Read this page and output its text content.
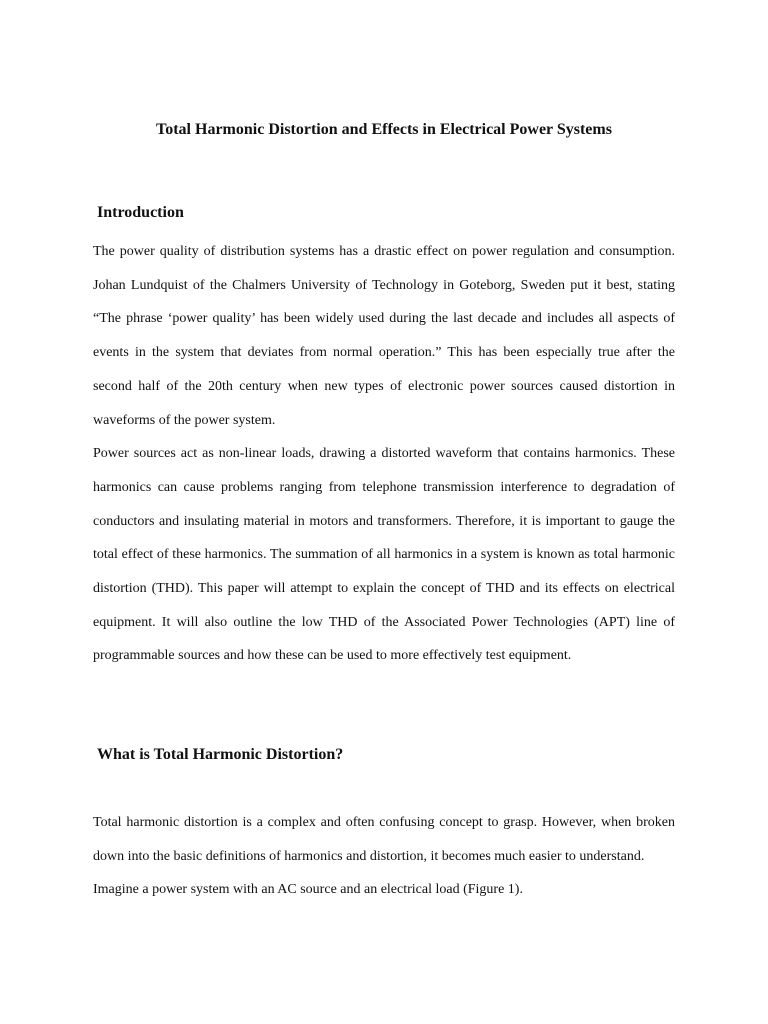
Total Harmonic Distortion and Effects in Electrical Power Systems
Introduction

The power quality of distribution systems has a drastic effect on power regulation and consumption. Johan Lundquist of the Chalmers University of Technology in Goteborg, Sweden put it best, stating “The phrase ‘power quality’ has been widely used during the last decade and includes all aspects of events in the system that deviates from normal operation.” This has been especially true after the second half of the 20th century when new types of electronic power sources caused distortion in waveforms of the power system.

Power sources act as non-linear loads, drawing a distorted waveform that contains harmonics. These harmonics can cause problems ranging from telephone transmission interference to degradation of conductors and insulating material in motors and transformers. Therefore, it is important to gauge the total effect of these harmonics. The summation of all harmonics in a system is known as total harmonic distortion (THD). This paper will attempt to explain the concept of THD and its effects on electrical equipment. It will also outline the low THD of the Associated Power Technologies (APT) line of programmable sources and how these can be used to more effectively test equipment.

What is Total Harmonic Distortion?

Total harmonic distortion is a complex and often confusing concept to grasp. However, when broken down into the basic definitions of harmonics and distortion, it becomes much easier to understand.

Imagine a power system with an AC source and an electrical load (Figure 1).
